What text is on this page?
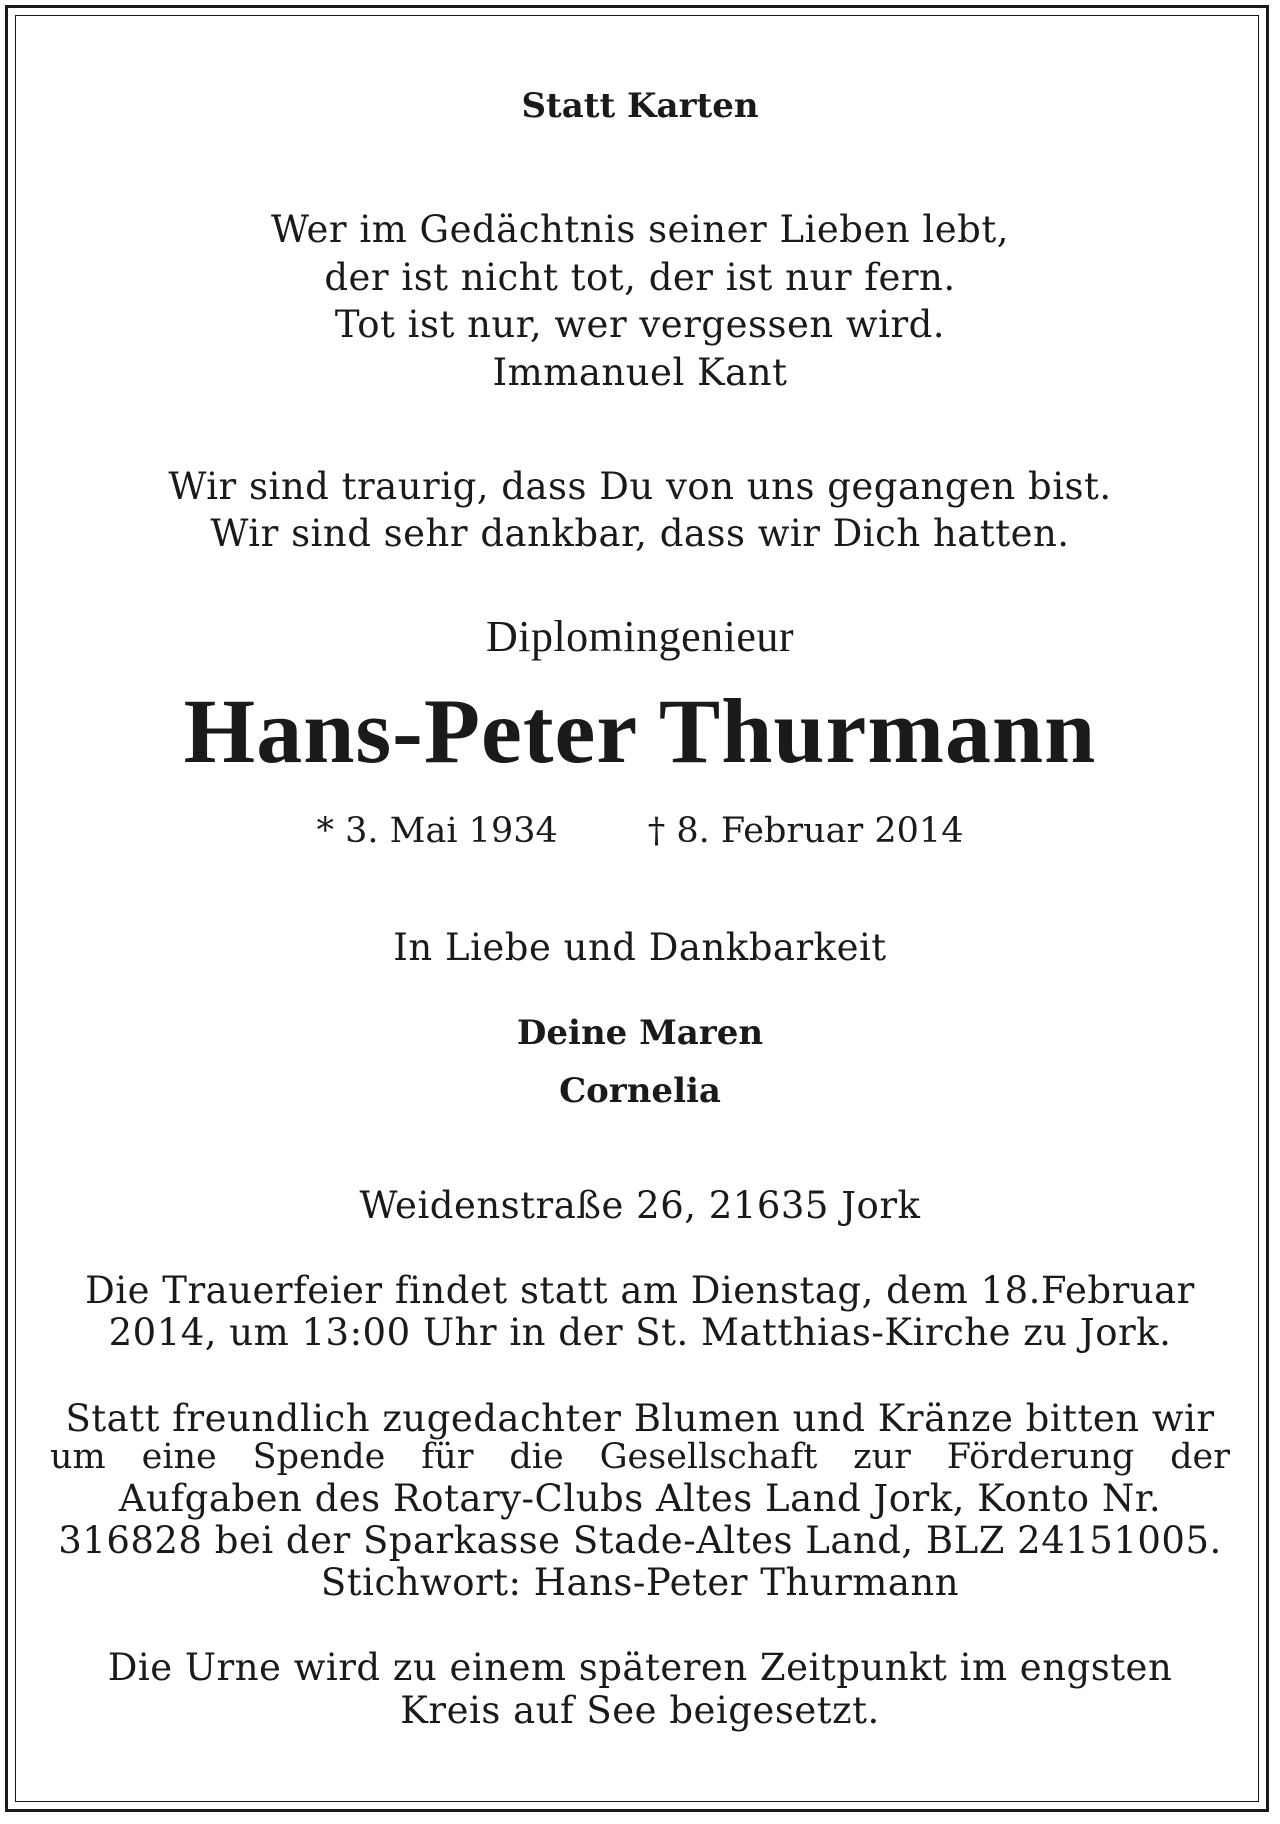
Statt Karten
Wer im Gedächtnis seiner Lieben lebt,
der ist nicht tot, der ist nur fern.
Tot ist nur, wer vergessen wird.
Immanuel Kant
Wir sind traurig, dass Du von uns gegangen bist.
Wir sind sehr dankbar, dass wir Dich hatten.
Diplomingenieur
Hans-Peter Thurmann
* 3. Mai 1934	† 8. Februar 2014
In Liebe und Dankbarkeit
Deine Maren
Cornelia
Weidenstraße 26, 21635 Jork
Die Trauerfeier findet statt am Dienstag, dem 18.Februar
2014, um 13:00 Uhr in der St. Matthias-Kirche zu Jork.
Statt freundlich zugedachter Blumen und Kränze bitten wir
um eine Spende für die Gesellschaft zur Förderung der
Aufgaben des Rotary-Clubs Altes Land Jork, Konto Nr.
316828 bei der Sparkasse Stade-Altes Land, BLZ 24151005.
Stichwort: Hans-Peter Thurmann
Die Urne wird zu einem späteren Zeitpunkt im engsten
Kreis auf See beigesetzt.
